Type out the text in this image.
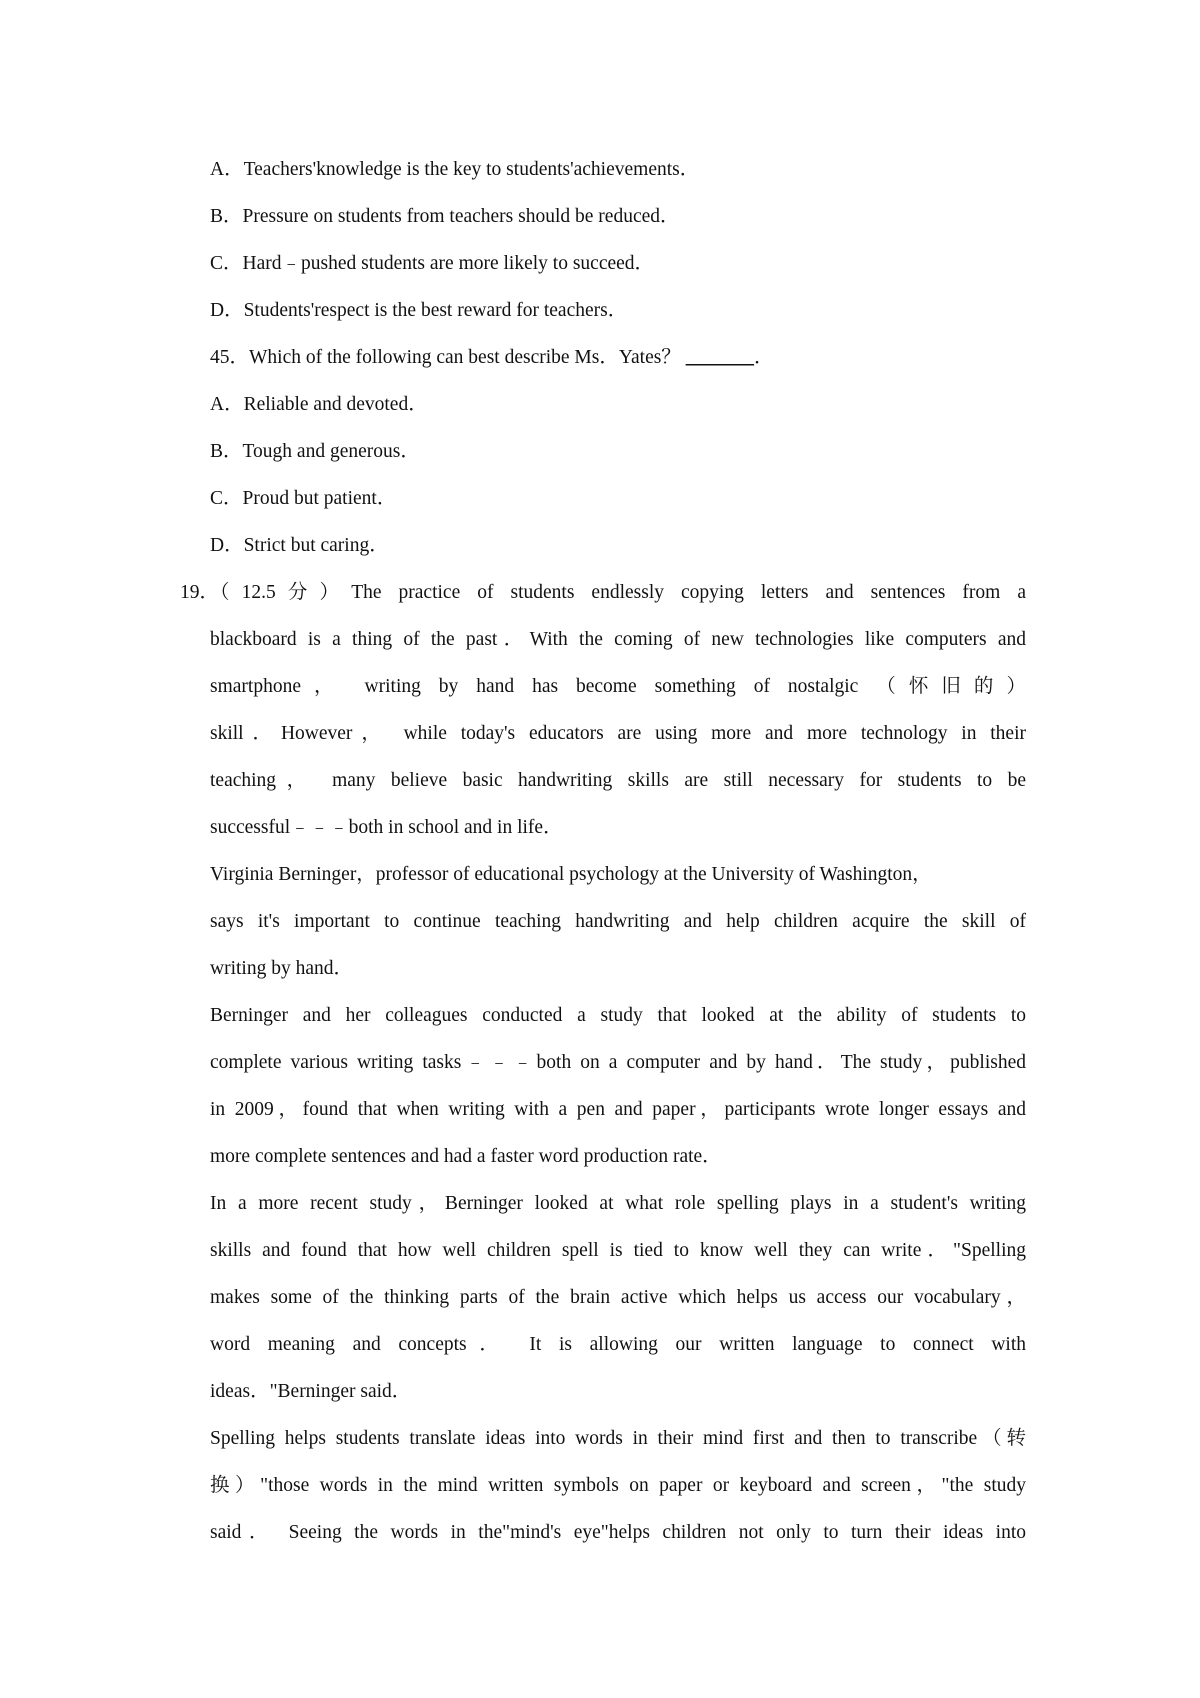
A．Teachers'knowledge is the key to students'achievements．
B．Pressure on students from teachers should be reduced．
C．Hard﹣pushed students are more likely to succeed．
D．Students'respect is the best reward for teachers．
45．Which of the following can best describe Ms．Yates？ _______．
A．Reliable and devoted．
B．Tough and generous．
C．Proud but patient．
D．Strict but caring．
19．
（12.5分）The practice of students endlessly copying letters and sentences from a
blackboard is a thing of the past．With the coming of new technologies like computers and
smartphone， writing by hand has become something of nostalgic （怀旧的）
skill．However， while today's educators are using more and more technology in their
teaching， many believe basic handwriting skills are still necessary for students to be
successful﹣﹣﹣both in school and in life．
Virginia Berninger，professor of educational psychology at the University of Washington，
says it's important to continue teaching handwriting and help children acquire the skill of
writing by hand．
Berninger and her colleagues conducted a study that looked at the ability of students to
complete various writing tasks﹣﹣﹣both on a computer and by hand．The study，published
in 2009，found that when writing with a pen and paper，participants wrote longer essays and
more complete sentences and had a faster word production rate．
In a more recent study，Berninger looked at what role spelling plays in a student's writing
skills and found that how well children spell is tied to know well they can write．"Spelling
makes some of the thinking parts of the brain active which helps us access our vocabulary，
word meaning and concepts． It is allowing our written language to connect with
ideas．"Berninger said．
Spelling helps students translate ideas into words in their mind first and then to transcribe（转
换）"those words in the mind written symbols on paper or keyboard and screen，"the study
said． Seeing the words in the"mind's eye"helps children not only to turn their ideas into
